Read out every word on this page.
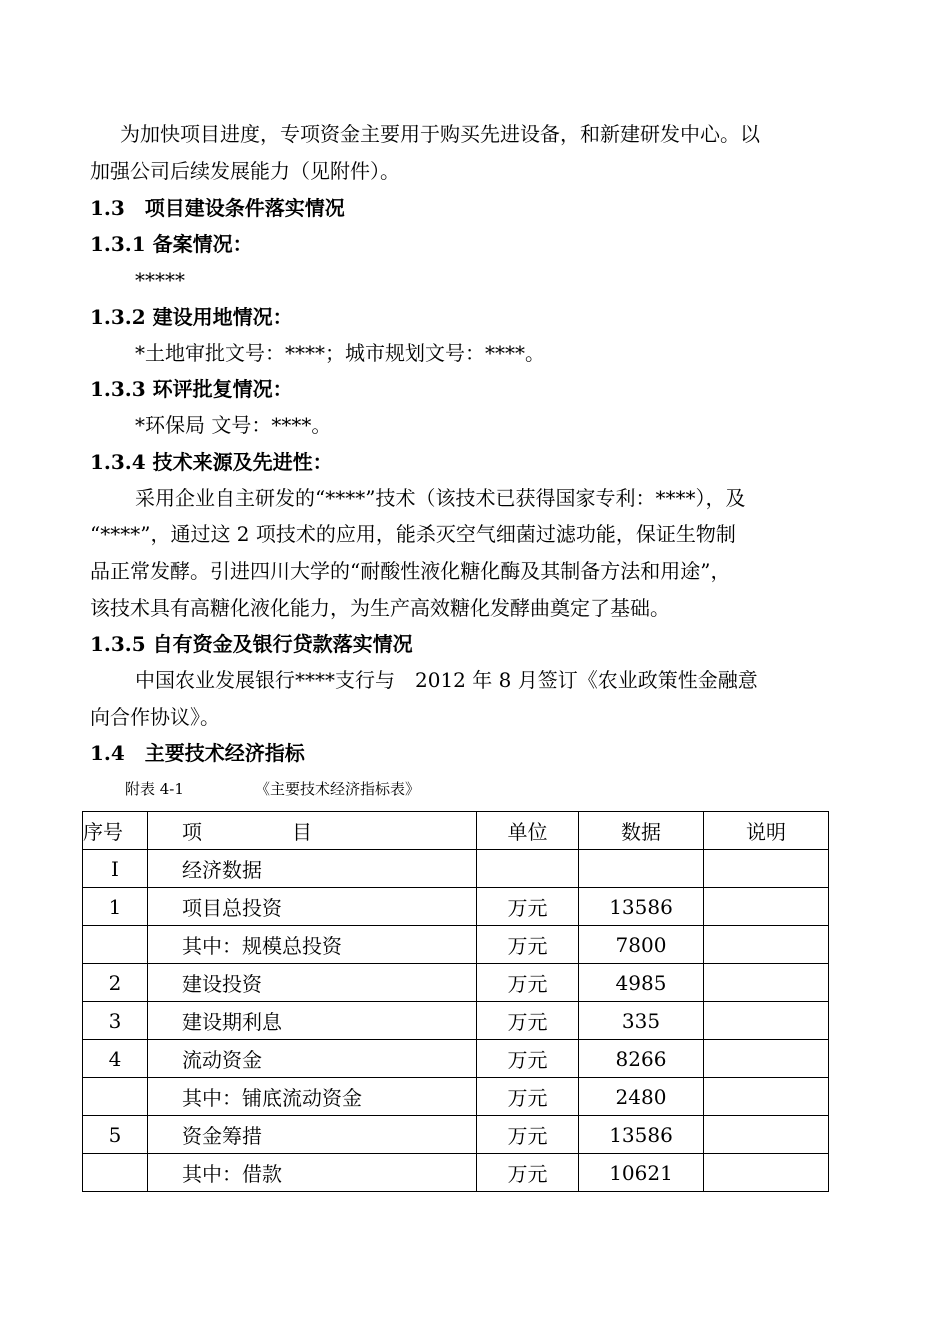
为加快项目进度，专项资金主要用于购买先进设备，和新建研发中心。以
加强公司后续发展能力（见附件）。
1.3　项目建设条件落实情况
1.3.1 备案情况：
*****
1.3.2 建设用地情况：
*土地审批文号：****；城市规划文号：****。
1.3.3 环评批复情况：
*环保局 文号：****。
1.3.4 技术来源及先进性：
采用企业自主研发的“****”技术（该技术已获得国家专利：****），及
“****”，通过这 2 项技术的应用，能杀灭空气细菌过滤功能，保证生物制
品正常发酵。引进四川大学的“耐酸性液化糖化酶及其制备方法和用途”，
该技术具有高糖化液化能力，为生产高效糖化发酵曲奠定了基础。
1.3.5 自有资金及银行贷款落实情况
中国农业发展银行****支行与　2012 年 8 月签订《农业政策性金融意
向合作协议》。
1.4　主要技术经济指标
附表 4-1	《主要技术经济指标表》
序号	项 目	单位	数据	说明
I	经济数据			
1	项目总投资	万元	13586	
	其中：规模总投资	万元	7800	
2	建设投资	万元	4985	
3	建设期利息	万元	335	
4	流动资金	万元	8266	
	其中：铺底流动资金	万元	2480	
5	资金筹措	万元	13586	
	其中：借款	万元	10621	
